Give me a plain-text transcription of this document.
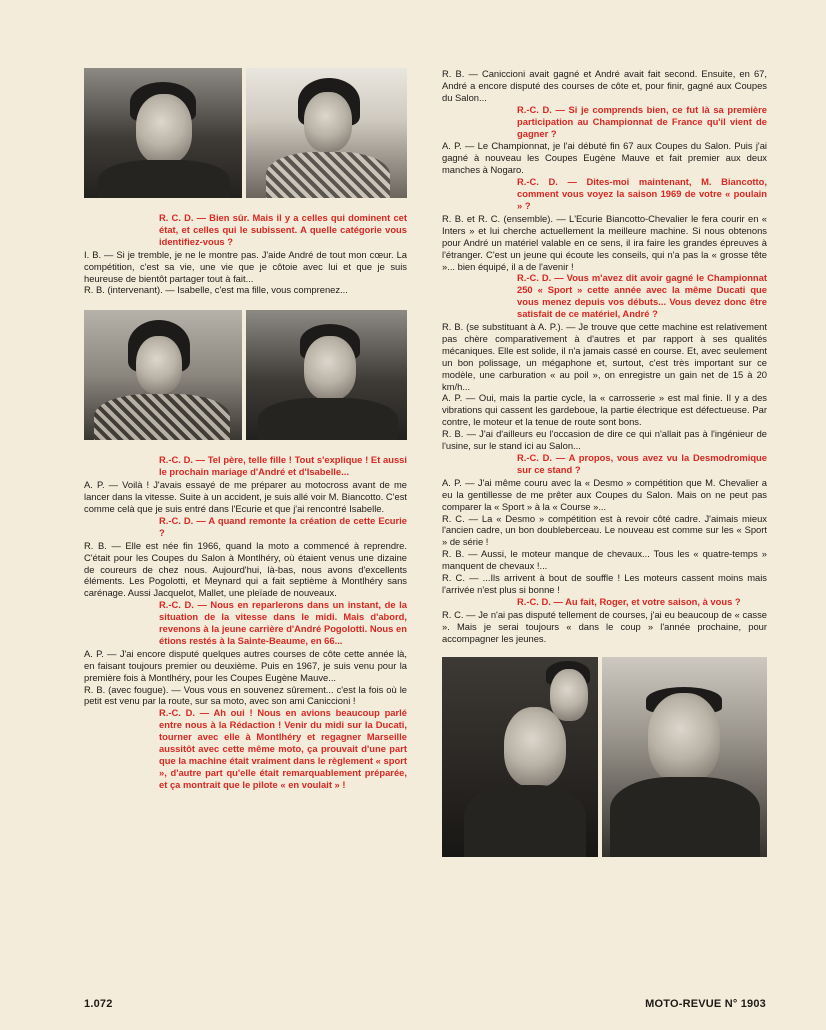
R. C. D. — Bien sûr. Mais il y a celles qui dominent cet état, et celles qui le subissent. A quelle catégorie vous identifiez-vous ?

I. B. — Si je tremble, je ne le montre pas. J'aide André de tout mon cœur. La compétition, c'est sa vie, une vie que je côtoie avec lui et que je suis heureuse de bientôt partager tout à fait...

R. B. (intervenant). — Isabelle, c'est ma fille, vous comprenez...

R.-C. D. — Tel père, telle fille ! Tout s'explique ! Et aussi le prochain mariage d'André et d'Isabelle...

A. P. — Voilà ! J'avais essayé de me préparer au motocross avant de me lancer dans la vitesse. Suite à un accident, je suis allé voir M. Biancotto. C'est comme celà que je suis entré dans l'Ecurie et que j'ai rencontré Isabelle.

R.-C. D. — A quand remonte la création de cette Ecurie ?

R. B. — Elle est née fin 1966, quand la moto a commencé à reprendre. C'était pour les Coupes du Salon à Montlhéry, où étaient venus une dizaine de coureurs de chez nous. Aujourd'hui, là-bas, nous avons d'excellents éléments. Les Pogolotti, et Meynard qui a fait septième à Montlhéry sans carénage. Aussi Jacquelot, Mallet, une pleïade de nouveaux.

R.-C. D. — Nous en reparlerons dans un instant, de la situation de la vitesse dans le midi. Mais d'abord, revenons à la jeune carrière d'André Pogolotti. Nous en étions restés à la Sainte-Beaume, en 66...

A. P. — J'ai encore disputé quelques autres courses de côte cette année là, en faisant toujours premier ou deuxième. Puis en 1967, je suis venu pour la première fois à Montlhéry, pour les Coupes Eugène Mauve...

R. B. (avec fougue). — Vous vous en souvenez sûrement... c'est la fois où le petit est venu par la route, sur sa moto, avec son ami Caniccioni !

R.-C. D. — Ah oui ! Nous en avions beaucoup parlé entre nous à la Rédaction ! Venir du midi sur la Ducati, tourner avec elle à Montlhéry et regagner Marseille aussitôt avec cette même moto, ça prouvait d'une part que la machine était vraiment dans le règlement « sport », d'autre part qu'elle était remarquablement préparée, et ça montrait que le pilote « en voulait » !

R. B. — Caniccioni avait gagné et André avait fait second. Ensuite, en 67, André a encore disputé des courses de côte et, pour finir, gagné aux Coupes du Salon...

R.-C. D. — Si je comprends bien, ce fut là sa première participation au Championnat de France qu'il vient de gagner ?

A. P. — Le Championnat, je l'ai débuté fin 67 aux Coupes du Salon. Puis j'ai gagné à nouveau les Coupes Eugène Mauve et fait premier aux deux manches à Nogaro.

R.-C. D. — Dites-moi maintenant, M. Biancotto, comment vous voyez la saison 1969 de votre « poulain » ?

R. B. et R. C. (ensemble). — L'Ecurie Biancotto-Chevalier le fera courir en « Inters » et lui cherche actuellement la meilleure machine. Si nous obtenons pour André un matériel valable en ce sens, il ira faire les grandes épreuves à l'étranger. C'est un jeune qui écoute les conseils, qui n'a pas la « grosse tête »... bien équipé, il a de l'avenir !

R.-C. D. — Vous m'avez dit avoir gagné le Championnat 250 « Sport » cette année avec la même Ducati que vous menez depuis vos débuts... Vous devez donc être satisfait de ce matériel, André ?

R. B. (se substituant à A. P.). — Je trouve que cette machine est relativement pas chère comparativement à d'autres et par rapport à ses qualités mécaniques. Elle est solide, il n'a jamais cassé en course. Et, avec seulement un bon polissage, un mégaphone et, surtout, c'est très important sur ce modèle, une carburation « au poil », on enregistre un gain net de 15 à 20 km/h...

A. P. — Oui, mais la partie cycle, la « carrosserie » est mal finie. Il y a des vibrations qui cassent les gardeboue, la partie électrique est défectueuse. Par contre, le moteur et la tenue de route sont bons.

R. B. — J'ai d'ailleurs eu l'occasion de dire ce qui n'allait pas à l'ingénieur de l'usine, sur le stand ici au Salon...

R.-C. D. — A propos, vous avez vu la Desmodromique sur ce stand ?

A. P. — J'ai même couru avec la « Desmo » compétition que M. Chevalier a eu la gentillesse de me prêter aux Coupes du Salon. Mais on ne peut pas comparer la « Sport » à la « Course »...

R. C. — La « Desmo » compétition est à revoir côté cadre. J'aimais mieux l'ancien cadre, un bon doubleberceau. Le nouveau est comme sur les « Sport » de série !

R. B. — Aussi, le moteur manque de chevaux... Tous les « quatre-temps » manquent de chevaux !...

R. C. — ...Ils arrivent à bout de souffle ! Les moteurs cassent moins mais l'arrivée n'est plus si bonne !

R.-C. D. — Au fait, Roger, et votre saison, à vous ?

R. C. — Je n'ai pas disputé tellement de courses, j'ai eu beaucoup de « casse ». Mais je serai toujours « dans le coup » l'année prochaine, pour accompagner les jeunes.

1.072	MOTO-REVUE N° 1903
